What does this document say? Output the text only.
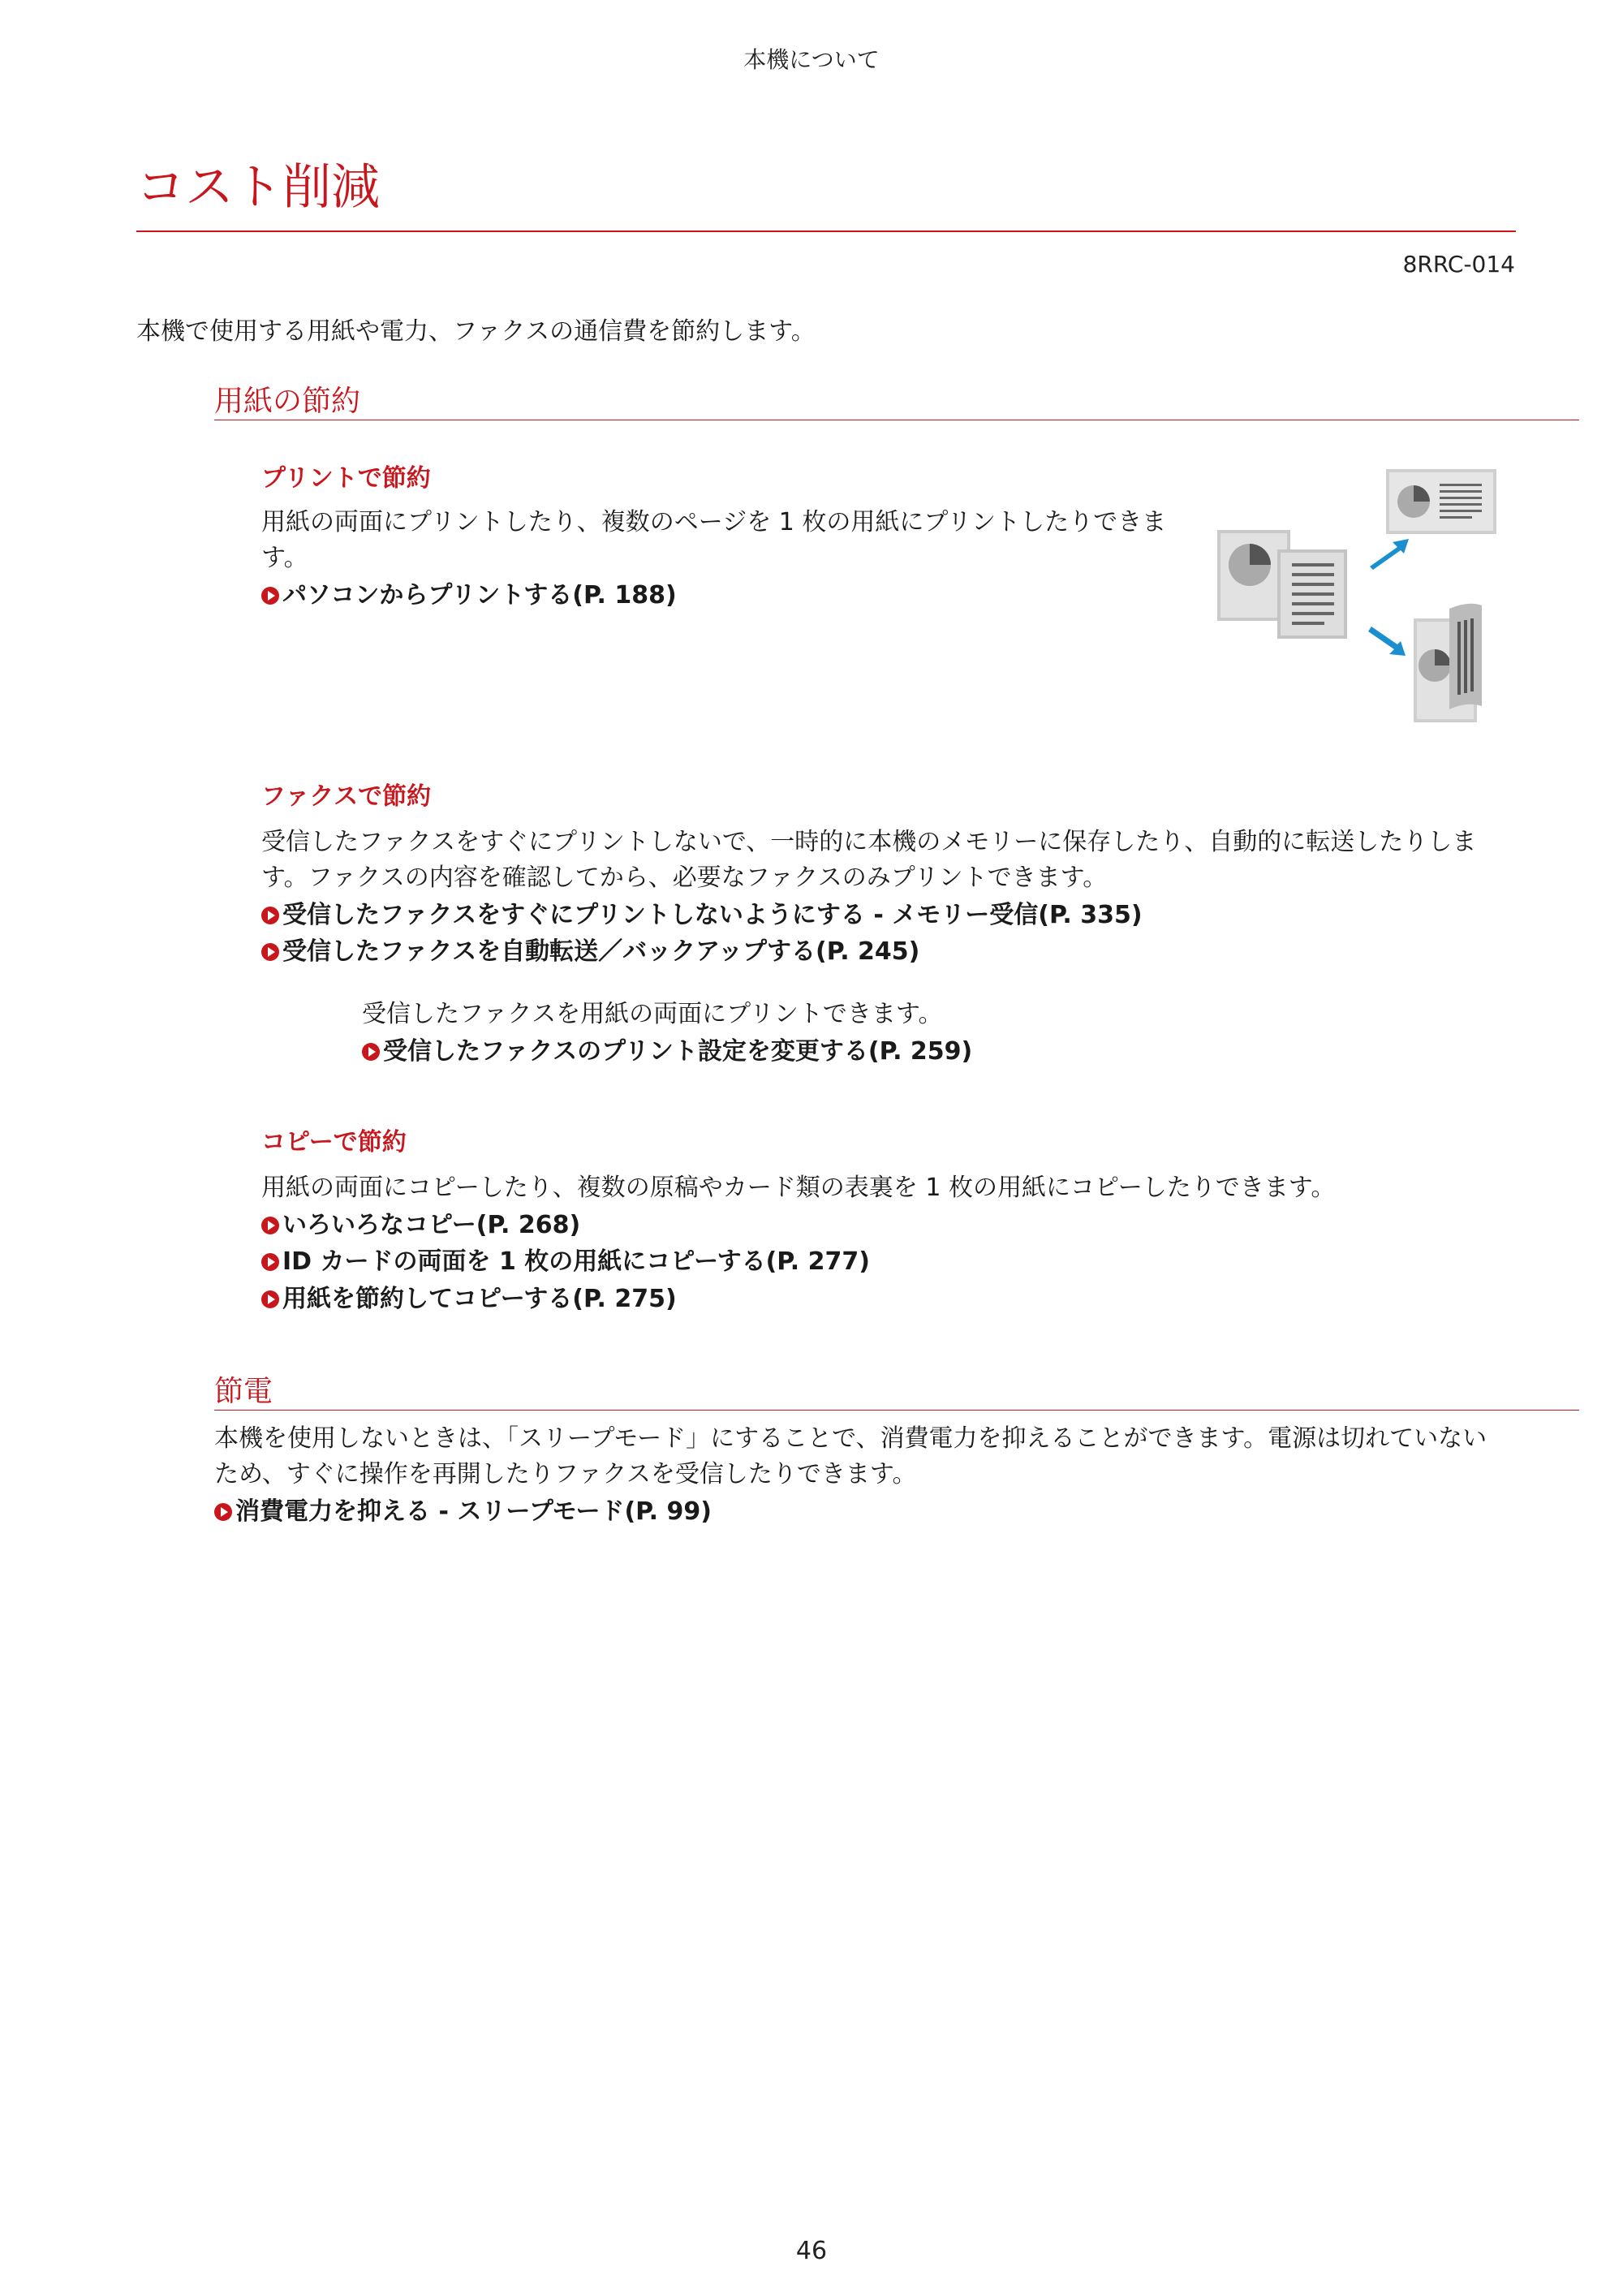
本機について
コスト削減
8RRC-014
本機で使用する用紙や電力、ファクスの通信費を節約します。
用紙の節約
プリントで節約
用紙の両面にプリントしたり、複数のページを 1 枚の用紙にプリントしたりできま
す。
パソコンからプリントする(P. 188)
ファクスで節約
受信したファクスをすぐにプリントしないで、一時的に本機のメモリーに保存したり、自動的に転送したりしま
す。ファクスの内容を確認してから、必要なファクスのみプリントできます。
受信したファクスをすぐにプリントしないようにする - メモリー受信(P. 335)
受信したファクスを自動転送／バックアップする(P. 245)
受信したファクスを用紙の両面にプリントできます。
受信したファクスのプリント設定を変更する(P. 259)
コピーで節約
用紙の両面にコピーしたり、複数の原稿やカード類の表裏を 1 枚の用紙にコピーしたりできます。
いろいろなコピー(P. 268)
ID カードの両面を 1 枚の用紙にコピーする(P. 277)
用紙を節約してコピーする(P. 275)
節電
本機を使用しないときは、「スリープモード」にすることで、消費電力を抑えることができます。電源は切れていない
ため、すぐに操作を再開したりファクスを受信したりできます。
消費電力を抑える - スリープモード(P. 99)
46
